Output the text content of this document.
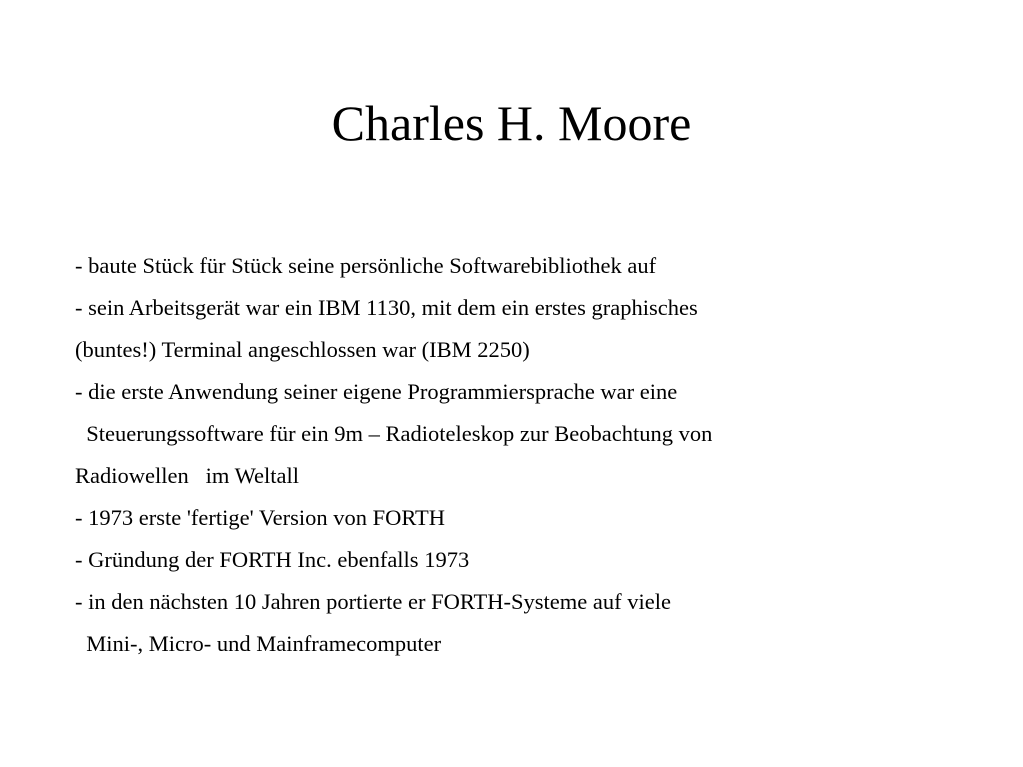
Charles H. Moore
- baute Stück für Stück seine persönliche Softwarebibliothek auf
- sein Arbeitsgerät war ein IBM 1130, mit dem ein erstes graphisches
(buntes!) Terminal angeschlossen war (IBM 2250)
- die erste Anwendung seiner eigene Programmiersprache war eine
Steuerungssoftware für ein 9m – Radioteleskop zur Beobachtung von
Radiowellen   im Weltall
- 1973 erste 'fertige' Version von FORTH
- Gründung der FORTH Inc. ebenfalls 1973
- in den nächsten 10 Jahren portierte er FORTH-Systeme auf viele
Mini-, Micro- und Mainframecomputer
